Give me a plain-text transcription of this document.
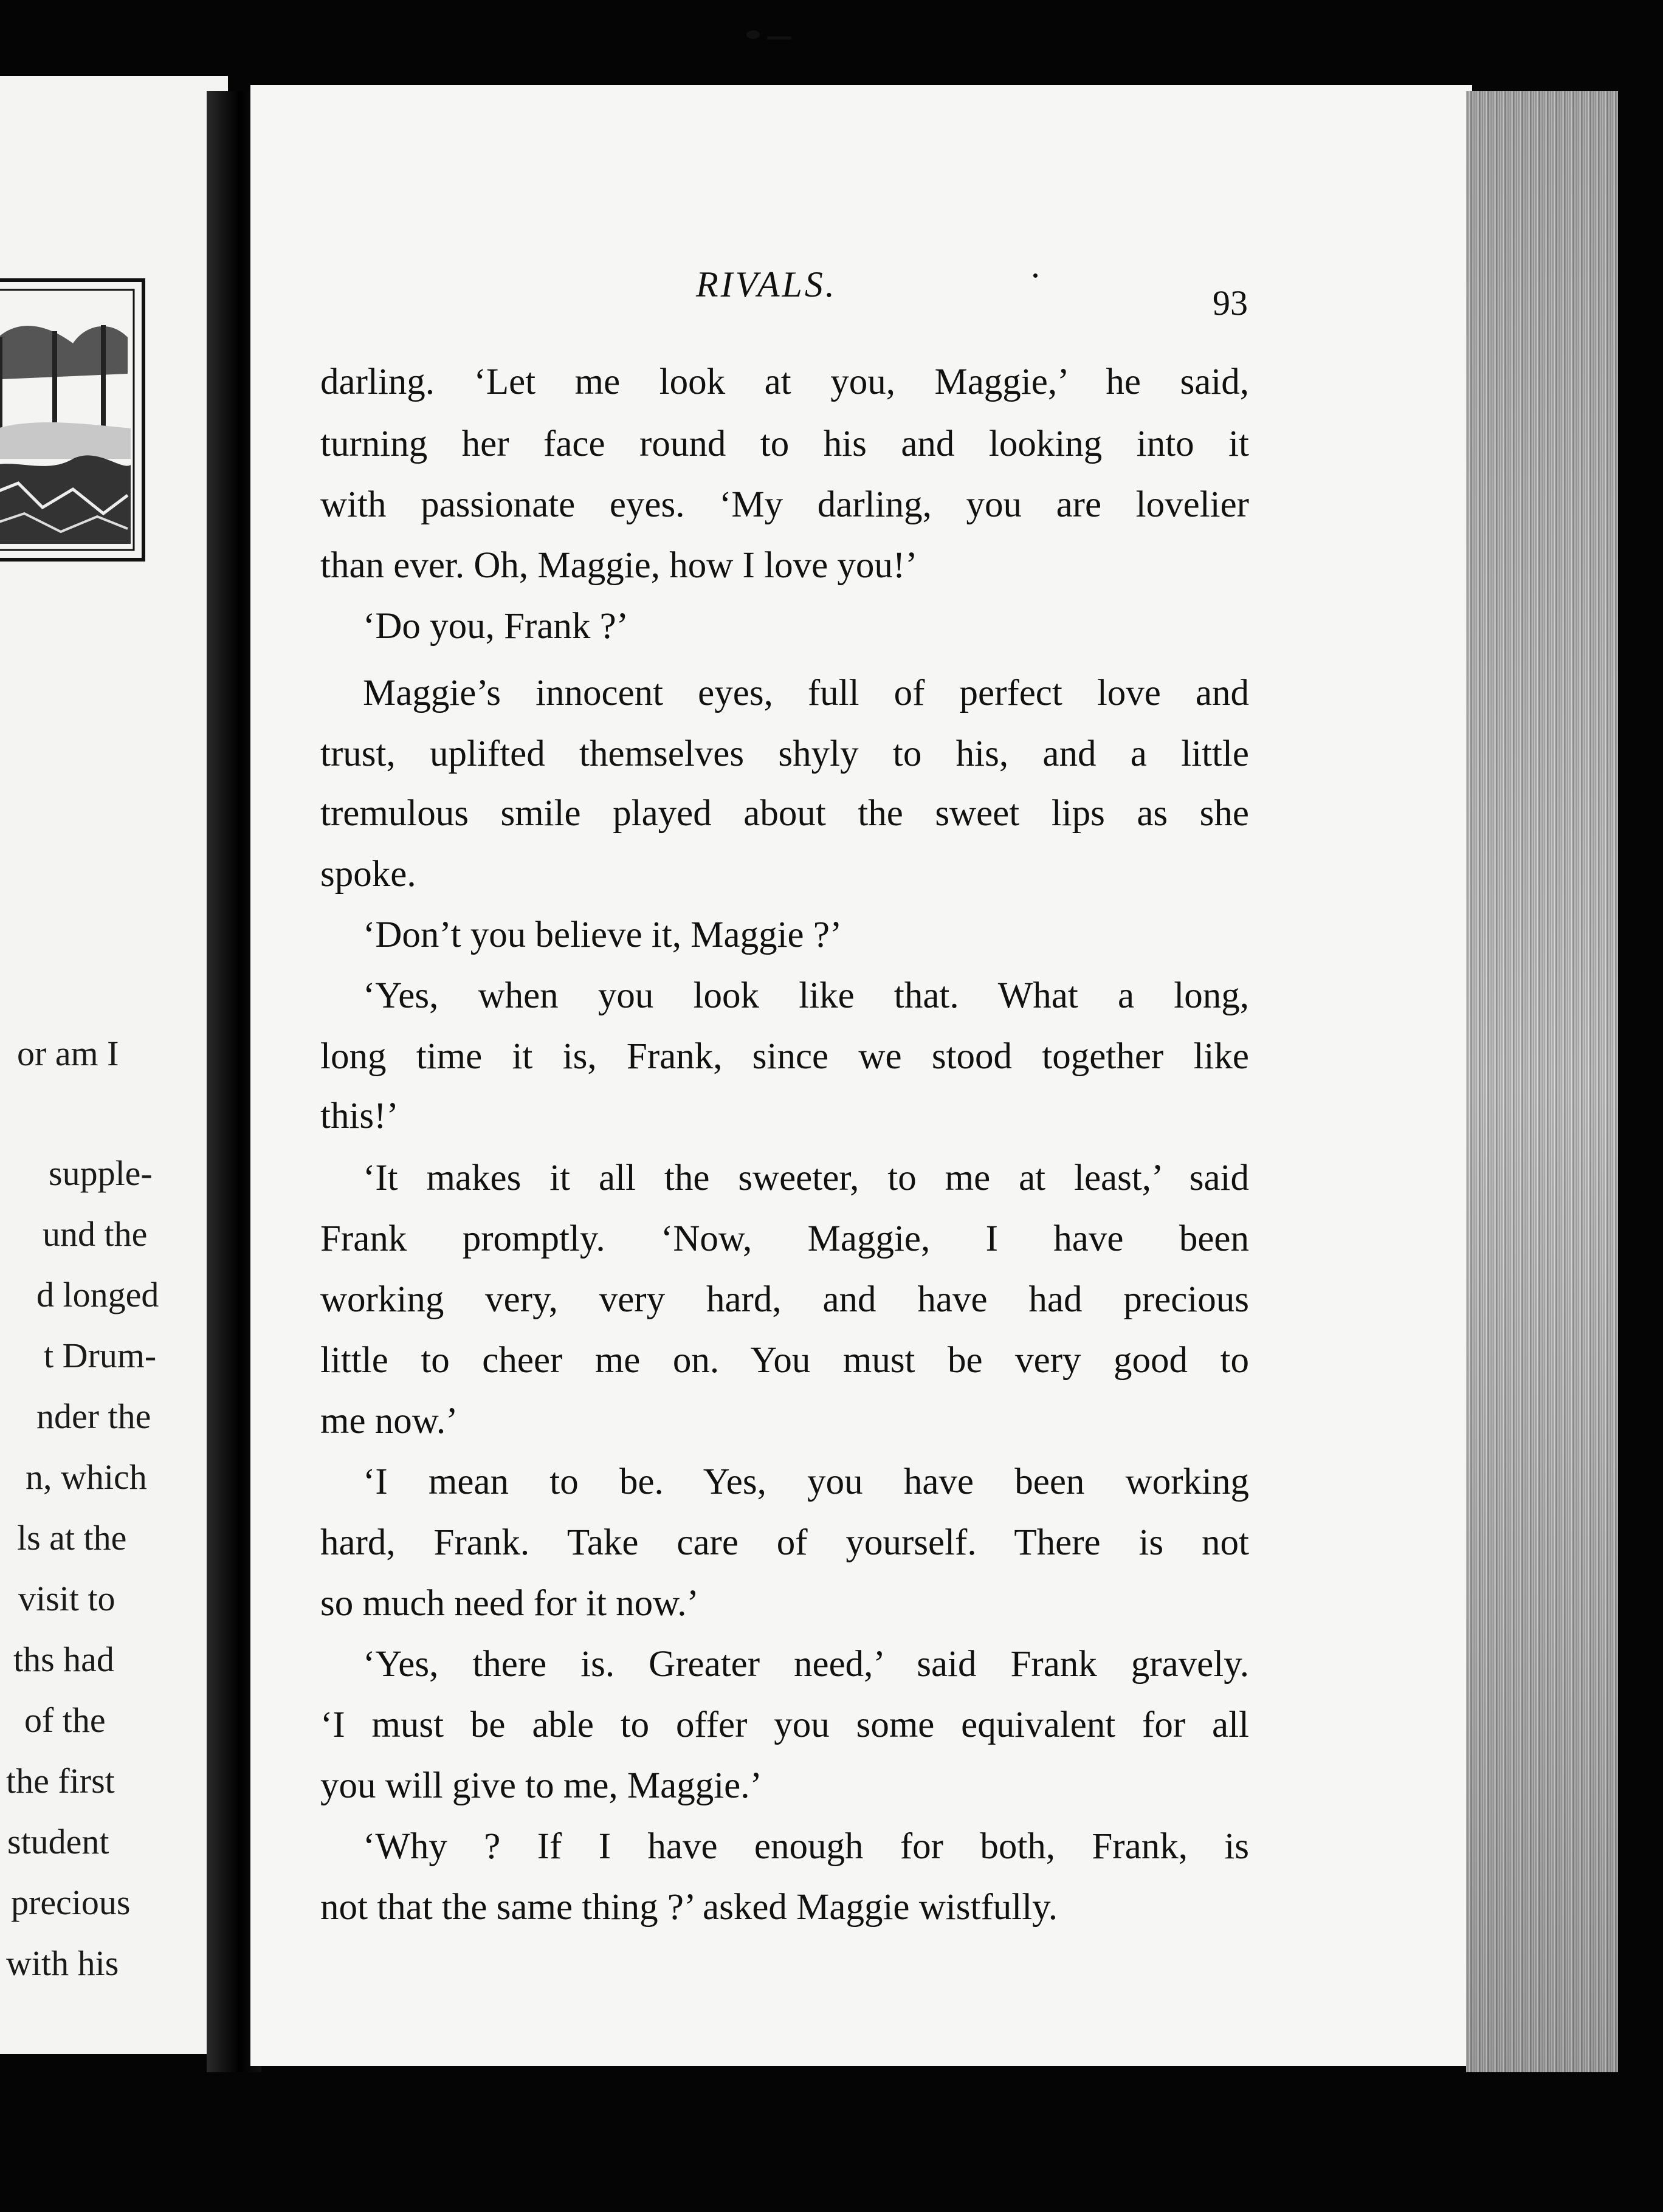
or am I
supple-
und the
d longed
t Drum-
nder the
n, which
ls at the
visit to
ths had
of the
the first
student
precious
with his
RIVALS.	93
darling. ‘Let me look at you, Maggie,’ he said,
turning her face round to his and looking into it
with passionate eyes. ‘My darling, you are lovelier
than ever. Oh, Maggie, how I love you!’
‘Do you, Frank ?’
Maggie’s innocent eyes, full of perfect love and
trust, uplifted themselves shyly to his, and a little
tremulous smile played about the sweet lips as she
spoke.
‘Don’t you believe it, Maggie ?’
‘Yes, when you look like that. What a long,
long time it is, Frank, since we stood together like
this!’
‘It makes it all the sweeter, to me at least,’ said
Frank promptly. ‘Now, Maggie, I have been
working very, very hard, and have had precious
little to cheer me on. You must be very good to
me now.’
‘I mean to be. Yes, you have been working
hard, Frank. Take care of yourself. There is not
so much need for it now.’
‘Yes, there is. Greater need,’ said Frank gravely.
‘I must be able to offer you some equivalent for all
you will give to me, Maggie.’
‘Why ? If I have enough for both, Frank, is
not that the same thing ?’ asked Maggie wistfully.
